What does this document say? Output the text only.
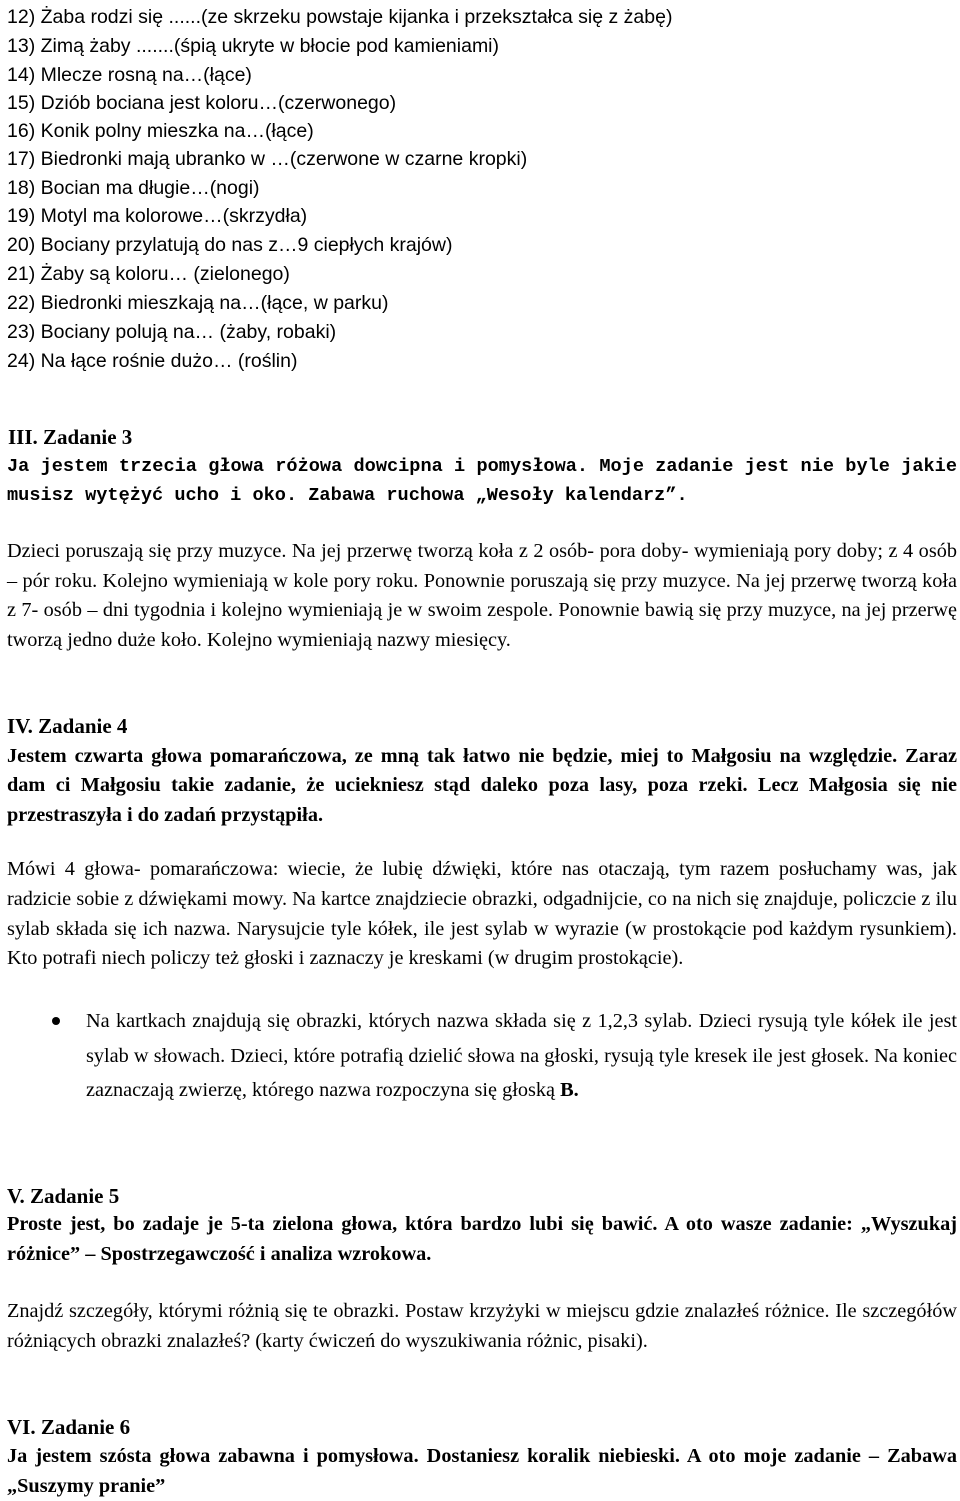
12) Żaba rodzi się ......(ze skrzeku powstaje kijanka i przekształca się z żabę)
13) Zimą żaby .......(śpią ukryte w błocie pod kamieniami)
14) Mlecze rosną na…(łące)
15) Dziób bociana jest koloru…(czerwonego)
16) Konik polny mieszka na…(łące)
17) Biedronki mają ubranko w …(czerwone w czarne kropki)
18) Bocian ma długie…(nogi)
19) Motyl ma kolorowe…(skrzydła)
20) Bociany przylatują do nas z…9 ciepłych krajów)
21) Żaby są koloru… (zielonego)
22) Biedronki mieszkają na…(łące, w parku)
23) Bociany polują na… (żaby, robaki)
24) Na łące rośnie dużo… (roślin)
III. Zadanie 3
Ja jestem trzecia głowa różowa dowcipna i pomysłowa. Moje zadanie jest nie byle jakie musisz wytężyć ucho i oko. Zabawa ruchowa „Wesoły kalendarz”.
Dzieci poruszają się przy muzyce. Na jej przerwę tworzą koła z 2 osób- pora doby- wymieniają pory doby; z 4 osób – pór roku. Kolejno wymieniają w kole pory roku. Ponownie poruszają się przy muzyce. Na jej przerwę tworzą koła z 7- osób – dni tygodnia i kolejno wymieniają je w swoim zespole. Ponownie bawią się przy muzyce, na jej przerwę tworzą jedno duże koło. Kolejno wymieniają nazwy miesięcy.
IV. Zadanie 4
Jestem czwarta głowa pomarańczowa, ze mną tak łatwo nie będzie, miej to Małgosiu na względzie. Zaraz dam ci Małgosiu takie zadanie, że uciekniesz stąd daleko poza lasy, poza rzeki. Lecz Małgosia się nie przestraszyła i do zadań przystąpiła.
Mówi 4 głowa- pomarańczowa: wiecie, że lubię dźwięki, które nas otaczają, tym razem posłuchamy was, jak radzicie sobie z dźwiękami mowy. Na kartce znajdziecie obrazki, odgadnijcie, co na nich się znajduje, policzcie z ilu sylab składa się ich nazwa. Narysujcie tyle kółek, ile jest sylab w wyrazie (w prostokącie pod każdym rysunkiem). Kto potrafi niech policzy też głoski i zaznaczy je kreskami (w drugim prostokącie).
Na kartkach znajdują się obrazki, których nazwa składa się z 1,2,3 sylab. Dzieci rysują tyle kółek ile jest sylab w słowach. Dzieci, które potrafią dzielić słowa na głoski, rysują tyle kresek ile jest głosek. Na koniec zaznaczają zwierzę, którego nazwa rozpoczyna się głoską B.
V. Zadanie 5
Proste jest, bo zadaje je 5-ta zielona głowa, która bardzo lubi się bawić. A oto wasze zadanie: „Wyszukaj różnice” – Spostrzegawczość i analiza wzrokowa.
Znajdź szczegóły, którymi różnią się te obrazki. Postaw krzyżyki w miejscu gdzie znalazłeś różnice. Ile szczegółów różniących obrazki znalazłeś? (karty ćwiczeń do wyszukiwania różnic, pisaki).
VI. Zadanie 6
Ja jestem szósta głowa zabawna i pomysłowa. Dostaniesz koralik niebieski. A oto moje zadanie – Zabawa „Suszymy pranie”
